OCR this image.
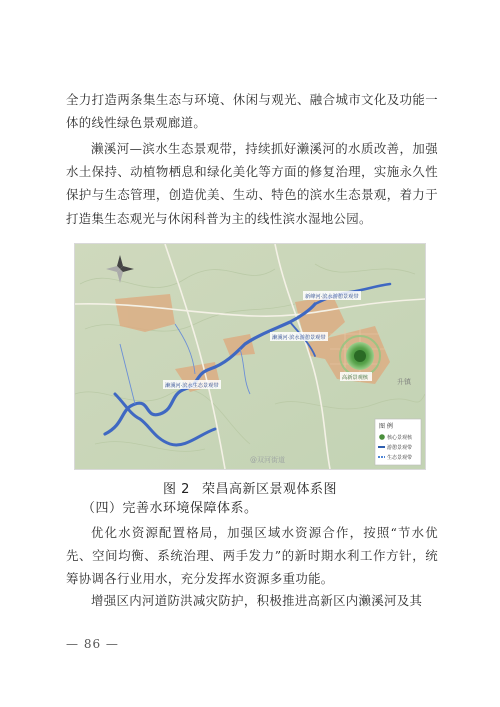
全力打造两条集生态与环境、休闲与观光、融合城市文化及功能一体的线性绿色景观廊道。

濑溪河—滨水生态景观带，持续抓好濑溪河的水质改善，加强水土保持、动植物栖息和绿化美化等方面的修复治理，实施永久性保护与生态管理，创造优美、生动、特色的滨水生态景观，着力于打造集生态观光与休闲科普为主的线性滨水湿地公园。

新峰河·滨水游憩景观带
濑溪河·滨水游憩景观带
濑溪河·滨水生态景观带
高新景观核	升镇
@双河街道
图 例
核心景观核
游憩景观带
生态景观带
图 2 荣昌高新区景观体系图
（四）完善水环境保障体系。

优化水资源配置格局，加强区域水资源合作，按照“节水优先、空间均衡、系统治理、两手发力”的新时期水利工作方针，统筹协调各行业用水，充分发挥水资源多重功能。

增强区内河道防洪减灾防护，积极推进高新区内濑溪河及其

— 86 —
